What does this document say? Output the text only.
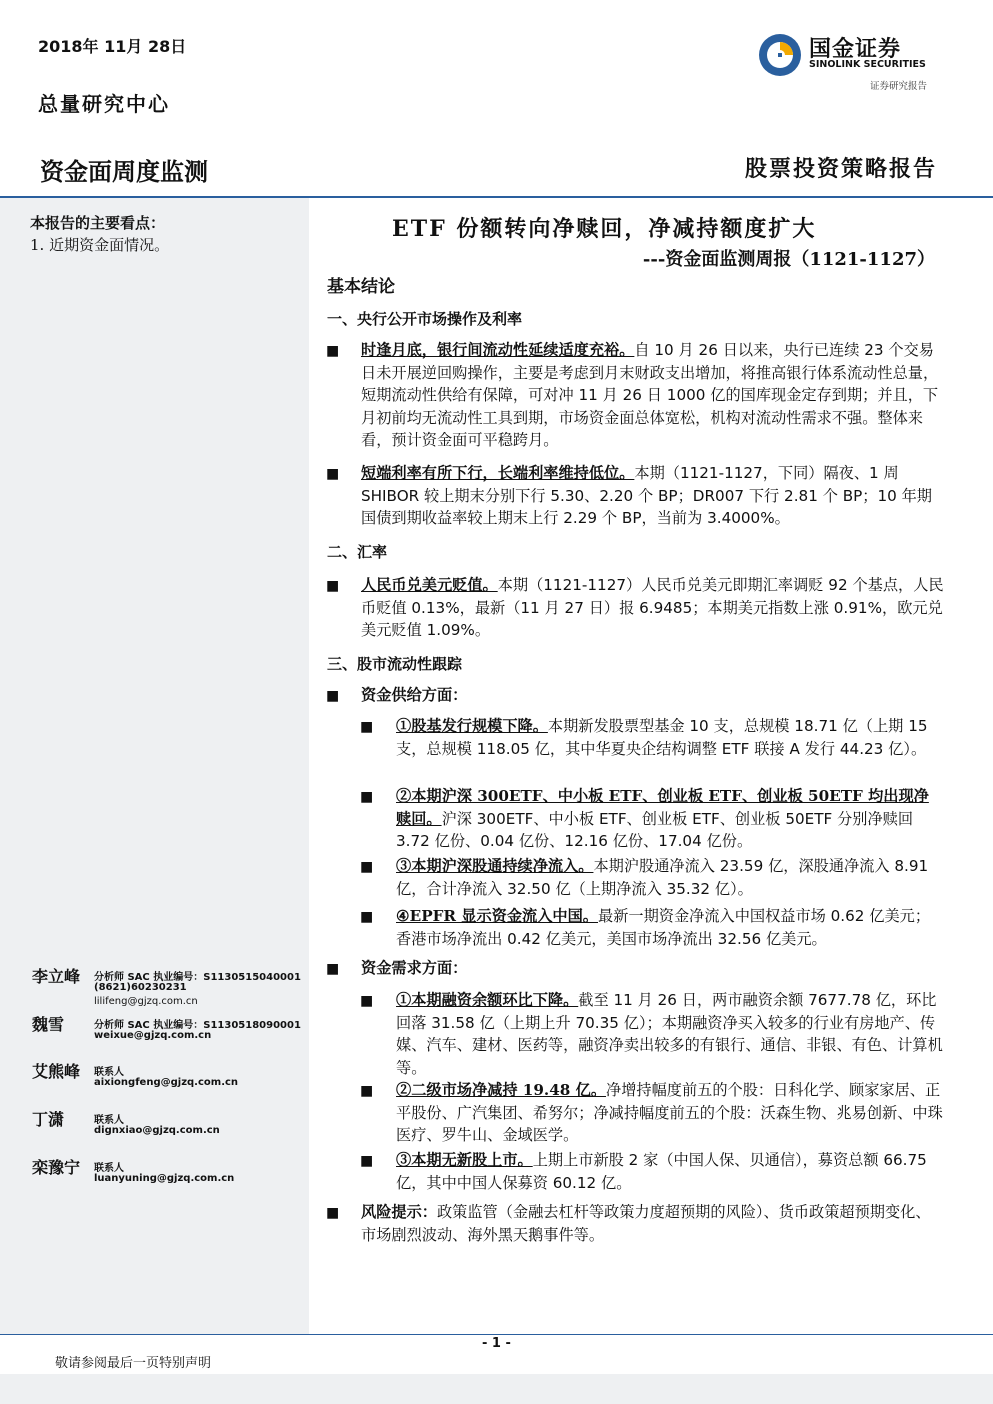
2018年 11月 28日
总量研究中心
资金面周度监测	股票投资策略报告
国金证券
SINOLINK SECURITIES
证券研究报告
本报告的主要看点：
1. 近期资金面情况。
李立峰 分析师 SAC 执业编号：S1130515040001
(8621)60230231
lilifeng@gjzq.com.cn
魏雪	分析师 SAC 执业编号：S1130518090001
weixue@gjzq.com.cn
艾熊峰 联系人
aixiongfeng@gjzq.com.cn
丁潇	联系人
dignxiao@gjzq.com.cn
栾豫宁 联系人
luanyuning@gjzq.com.cn
ETF 份额转向净赎回，净减持额度扩大
---资金面监测周报（1121-1127）
基本结论
一、央行公开市场操作及利率
■ 时逢月底，银行间流动性延续适度充裕。自 10 月 26 日以来，央行已连续 23 个交易日未开展逆回购操作，主要是考虑到月末财政支出增加，将推高银行体系流动性总量，短期流动性供给有保障，可对冲 11 月 26 日 1000 亿的国库现金定存到期；并且，下月初前均无流动性工具到期，市场资金面总体宽松，机构对流动性需求不强。整体来看，预计资金面可平稳跨月。
■ 短端利率有所下行，长端利率维持低位。本期（1121-1127，下同）隔夜、1 周 SHIBOR 较上期末分别下行 5.30、2.20 个 BP；DR007 下行 2.81 个 BP；10 年期国债到期收益率较上期末上行 2.29 个 BP，当前为 3.4000%。
二、汇率
■ 人民币兑美元贬值。本期（1121-1127）人民币兑美元即期汇率调贬 92 个基点，人民币贬值 0.13%，最新（11 月 27 日）报 6.9485；本期美元指数上涨 0.91%，欧元兑美元贬值 1.09%。
三、股市流动性跟踪
■ 资金供给方面：
■ ①股基发行规模下降。本期新发股票型基金 10 支，总规模 18.71 亿（上期 15 支，总规模 118.05 亿，其中华夏央企结构调整 ETF 联接 A 发行 44.23 亿）。
■ ②本期沪深 300ETF、中小板 ETF、创业板 ETF、创业板 50ETF 均出现净赎回。沪深 300ETF、中小板 ETF、创业板 ETF、创业板 50ETF 分别净赎回 3.72 亿份、0.04 亿份、12.16 亿份、17.04 亿份。
■ ③本期沪深股通持续净流入。本期沪股通净流入 23.59 亿，深股通净流入 8.91 亿，合计净流入 32.50 亿（上期净流入 35.32 亿）。
■ ④EPFR 显示资金流入中国。最新一期资金净流入中国权益市场 0.62 亿美元；香港市场净流出 0.42 亿美元，美国市场净流出 32.56 亿美元。
■ 资金需求方面：
■ ①本期融资余额环比下降。截至 11 月 26 日，两市融资余额 7677.78 亿，环比回落 31.58 亿（上期上升 70.35 亿）；本期融资净买入较多的行业有房地产、传媒、汽车、建材、医药等，融资净卖出较多的有银行、通信、非银、有色、计算机等。
■ ②二级市场净减持 19.48 亿。净增持幅度前五的个股：日科化学、顾家家居、正平股份、广汽集团、希努尔；净减持幅度前五的个股：沃森生物、兆易创新、中珠医疗、罗牛山、金域医学。
■ ③本期无新股上市。上期上市新股 2 家（中国人保、贝通信），募资总额 66.75 亿，其中中国人保募资 60.12 亿。
■ 风险提示：政策监管（金融去杠杆等政策力度超预期的风险）、货币政策超预期变化、市场剧烈波动、海外黑天鹅事件等。
- 1 -
敬请参阅最后一页特别声明
